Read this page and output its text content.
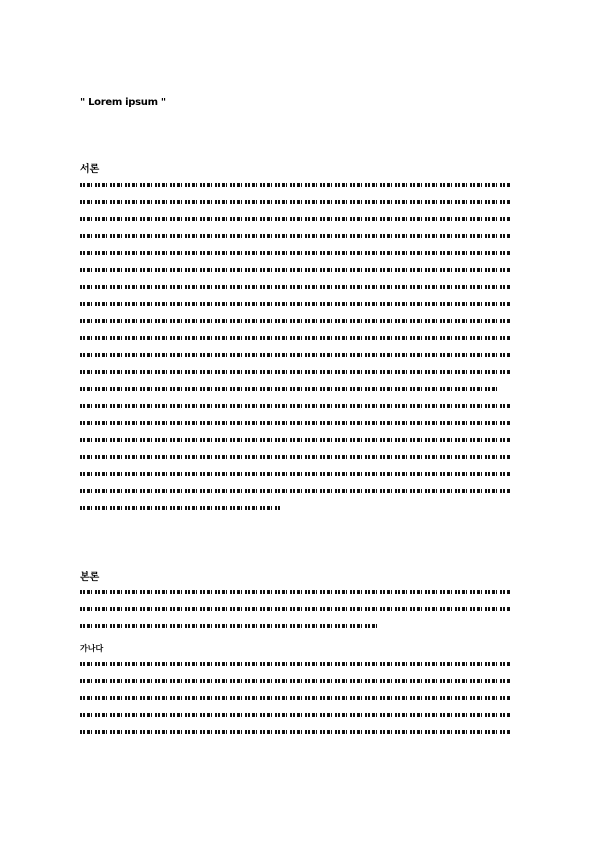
" Lorem ipsum "
서론
본론
가나다
